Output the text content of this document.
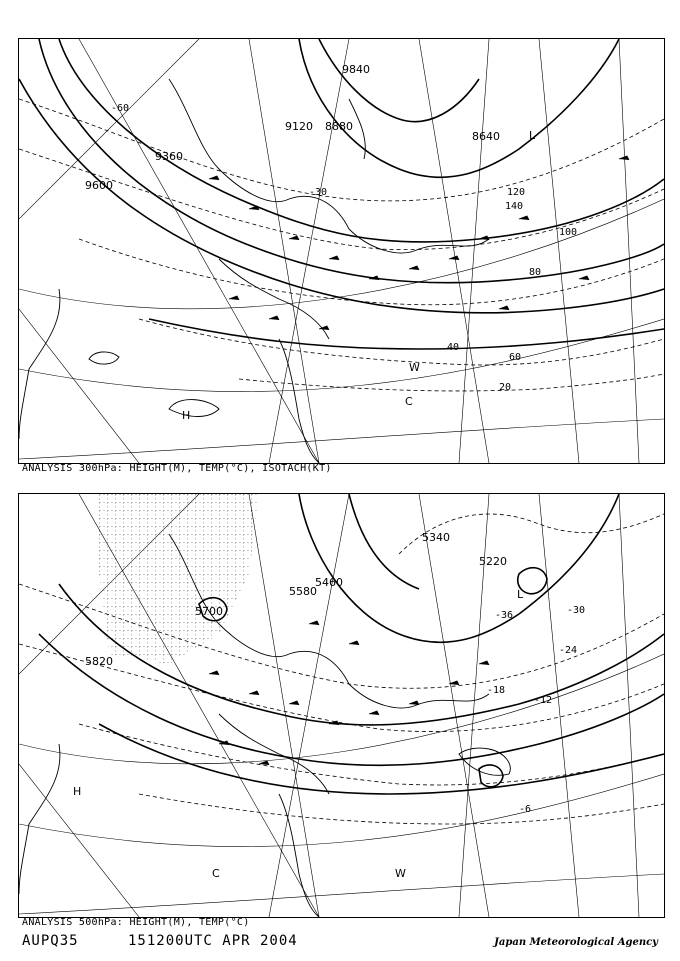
9600
9360
9120 8880
8640
9840
20
40
60
80
100
120
140
-30
-60
H
W
C
L
ANALYSIS 300hPa: HEIGHT(M), TEMP(°C), ISOTACH(KT)
5820
5700
5580
5460
5340
5220
-6
-12
-18
-24
-30
-36
H
W
C
L
ANALYSIS 500hPa: HEIGHT(M), TEMP(°C)
AUPQ35	151200UTC APR 2004	Japan Meteorological Agency
